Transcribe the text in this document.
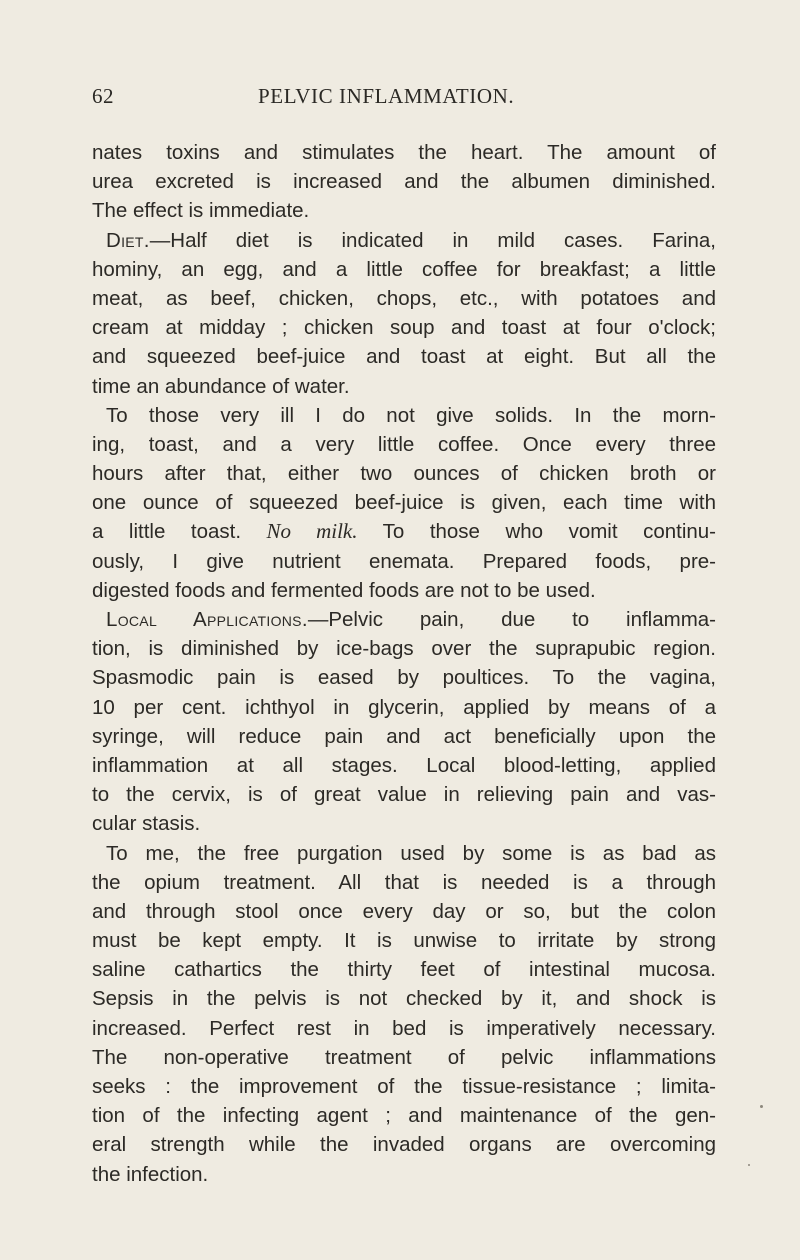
62	PELVIC INFLAMMATION.
nates toxins and stimulates the heart. The amount of
urea excreted is increased and the albumen diminished.
The effect is immediate.
Diet.—Half diet is indicated in mild cases. Farina,
hominy, an egg, and a little coffee for breakfast; a little
meat, as beef, chicken, chops, etc., with potatoes and
cream at midday ; chicken soup and toast at four o'clock;
and squeezed beef-juice and toast at eight. But all the
time an abundance of water.
To those very ill I do not give solids. In the morn-
ing, toast, and a very little coffee. Once every three
hours after that, either two ounces of chicken broth or
one ounce of squeezed beef-juice is given, each time with
a little toast. No milk. To those who vomit continu-
ously, I give nutrient enemata. Prepared foods, pre-
digested foods and fermented foods are not to be used.
Local Applications.—Pelvic pain, due to inflamma-
tion, is diminished by ice-bags over the suprapubic region.
Spasmodic pain is eased by poultices. To the vagina,
10 per cent. ichthyol in glycerin, applied by means of a
syringe, will reduce pain and act beneficially upon the
inflammation at all stages. Local blood-letting, applied
to the cervix, is of great value in relieving pain and vas-
cular stasis.
To me, the free purgation used by some is as bad as
the opium treatment. All that is needed is a through
and through stool once every day or so, but the colon
must be kept empty. It is unwise to irritate by strong
saline cathartics the thirty feet of intestinal mucosa.
Sepsis in the pelvis is not checked by it, and shock is
increased. Perfect rest in bed is imperatively necessary.
The non-operative treatment of pelvic inflammations
seeks : the improvement of the tissue-resistance ; limita-
tion of the infecting agent ; and maintenance of the gen-
eral strength while the invaded organs are overcoming
the infection.
